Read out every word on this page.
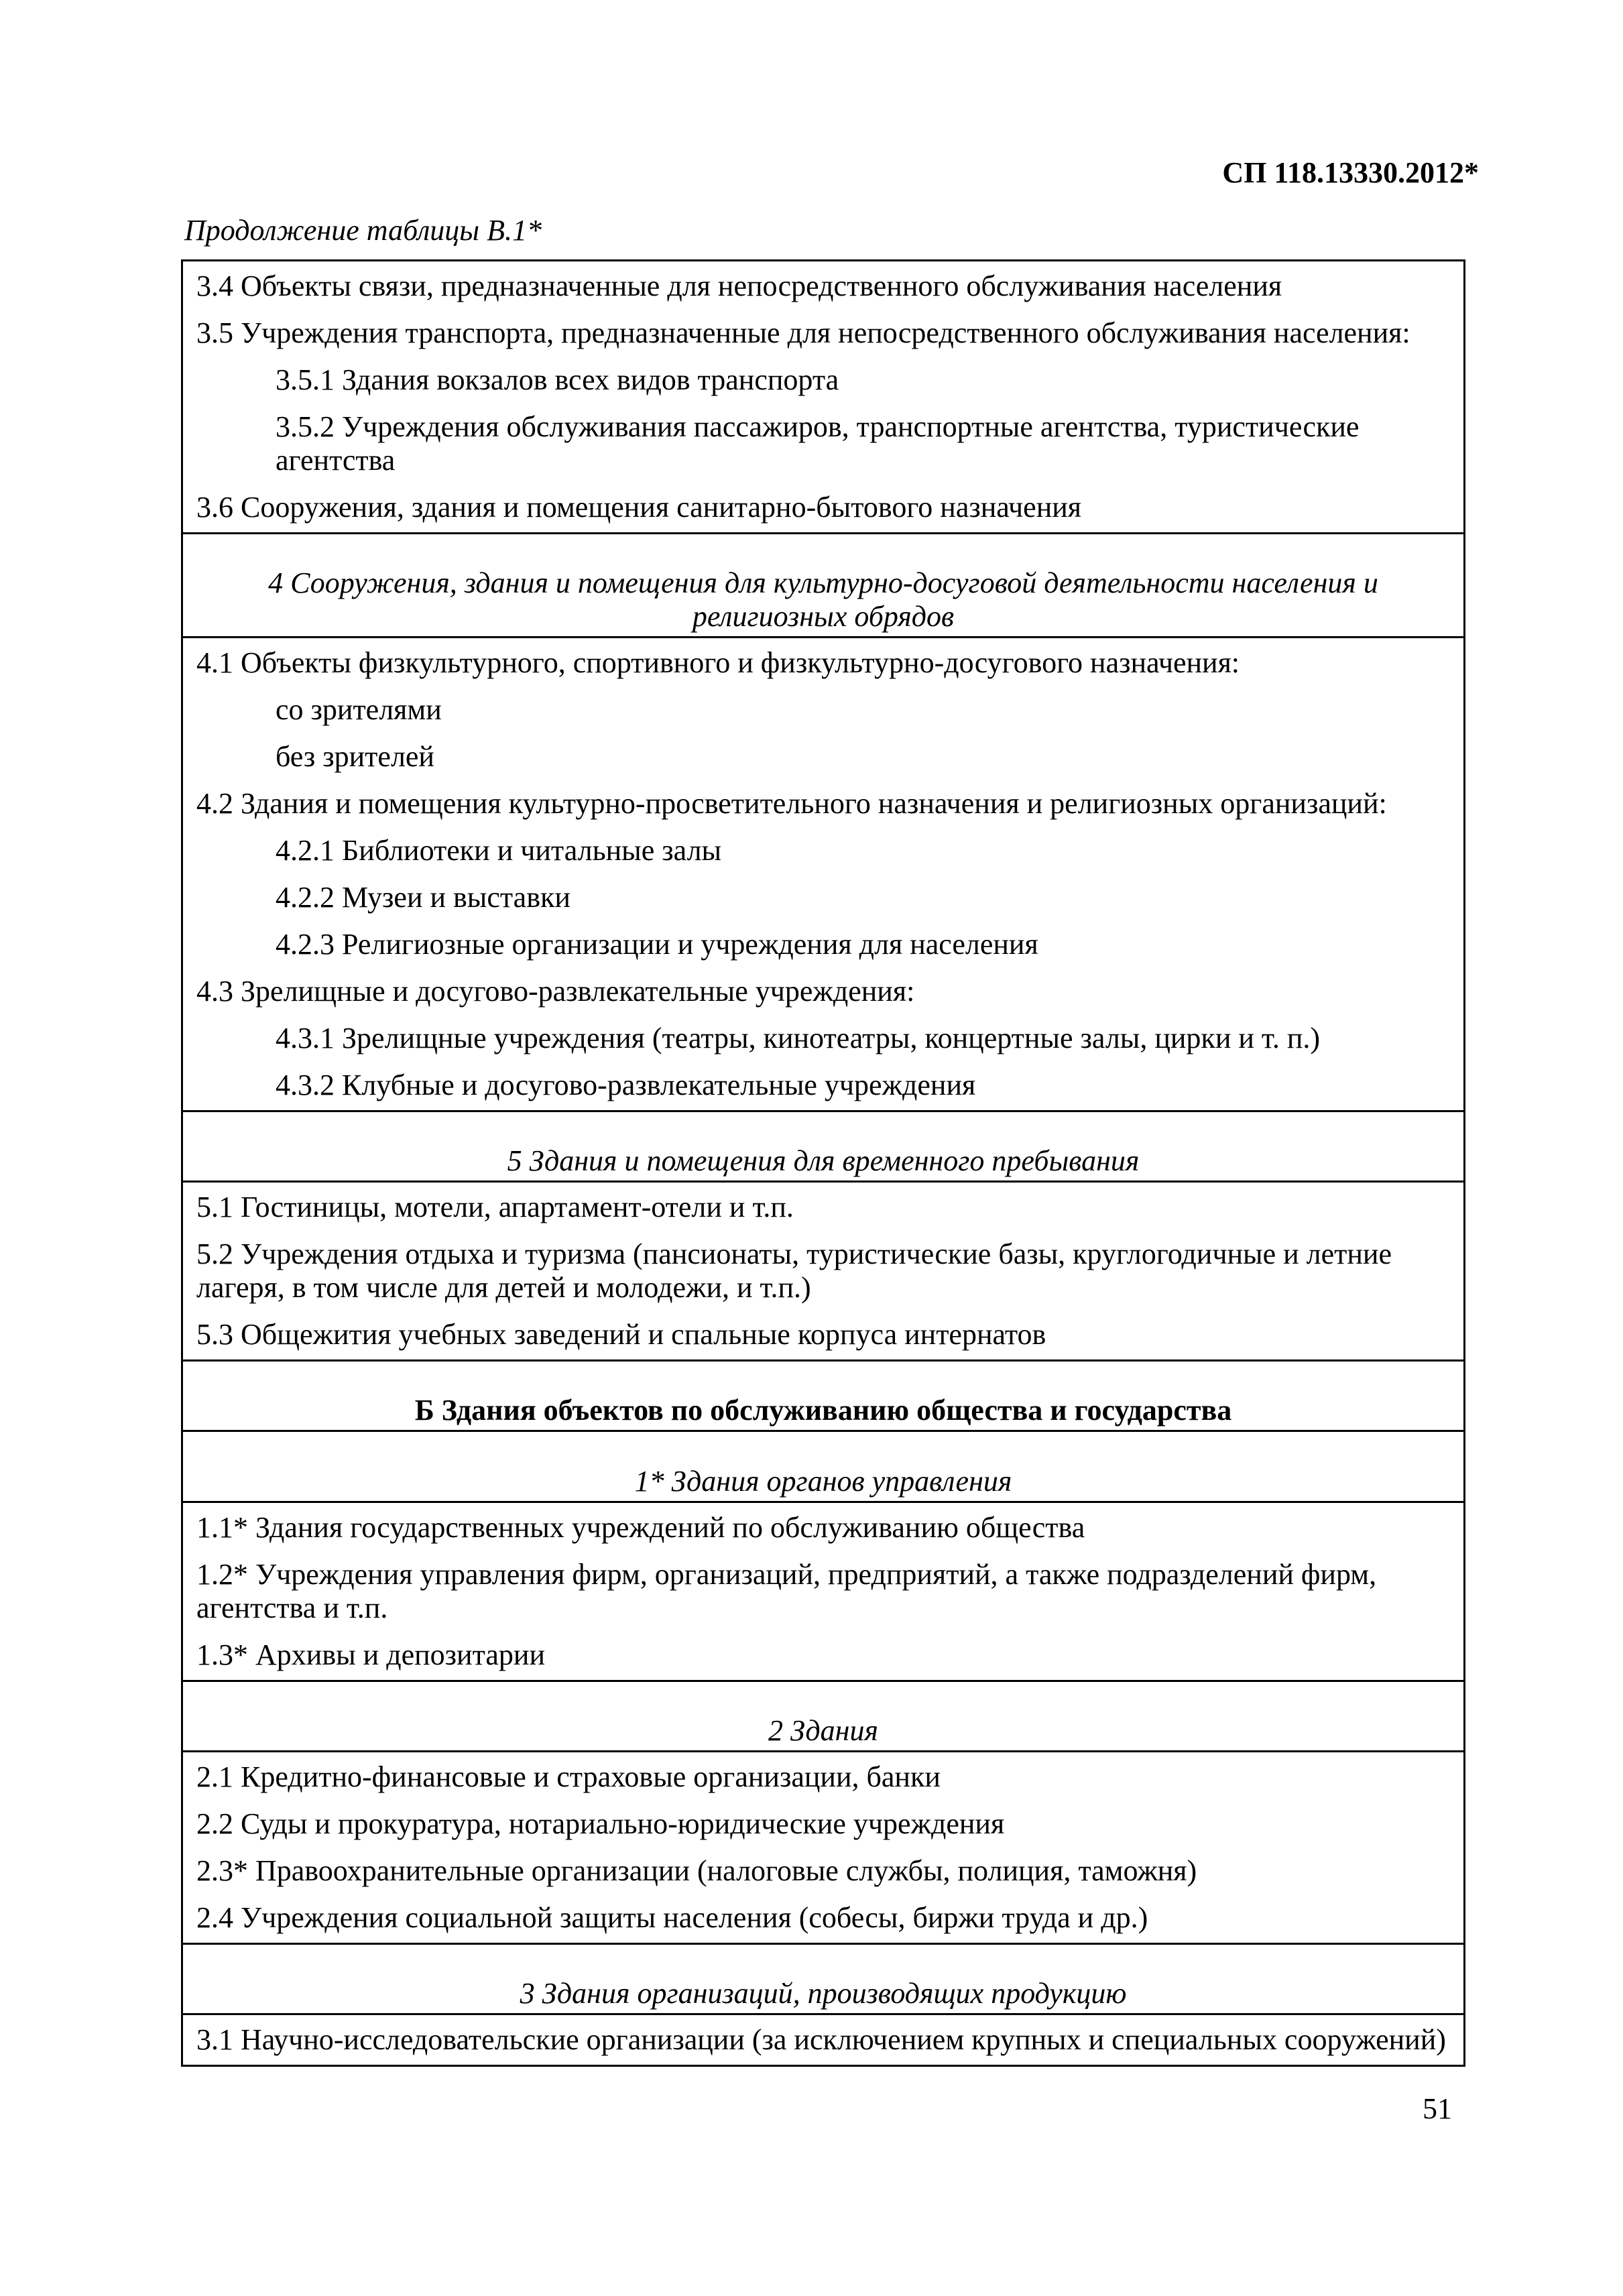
СП 118.13330.2012*
Продолжение таблицы В.1*
3.4 Объекты связи, предназначенные для непосредственного обслуживания населения
3.5 Учреждения транспорта, предназначенные для непосредственного обслуживания населения:
3.5.1 Здания вокзалов всех видов транспорта
3.5.2 Учреждения обслуживания пассажиров, транспортные агентства, туристические агентства
3.6 Сооружения, здания и помещения санитарно-бытового назначения
4 Сооружения, здания и помещения для культурно-досуговой деятельности населения и религиозных обрядов
4.1 Объекты физкультурного, спортивного и физкультурно-досугового назначения:
со зрителями
без зрителей
4.2 Здания и помещения культурно-просветительного назначения и религиозных организаций:
4.2.1 Библиотеки и читальные залы
4.2.2 Музеи и выставки
4.2.3 Религиозные организации и учреждения для населения
4.3 Зрелищные и досугово-развлекательные учреждения:
4.3.1 Зрелищные учреждения (театры, кинотеатры, концертные залы, цирки и т. п.)
4.3.2 Клубные и досугово-развлекательные учреждения
5 Здания и помещения для временного пребывания
5.1 Гостиницы, мотели, апартамент-отели и т.п.
5.2 Учреждения отдыха и туризма (пансионаты, туристические базы, круглогодичные и летние лагеря, в том числе для детей и молодежи, и т.п.)
5.3 Общежития учебных заведений и спальные корпуса интернатов
Б Здания объектов по обслуживанию общества и государства
1* Здания органов управления
1.1* Здания государственных учреждений по обслуживанию общества
1.2* Учреждения управления фирм, организаций, предприятий, а также подразделений фирм, агентства и т.п.
1.3* Архивы и депозитарии
2 Здания
2.1 Кредитно-финансовые и страховые организации, банки
2.2 Суды и прокуратура, нотариально-юридические учреждения
2.3* Правоохранительные организации (налоговые службы, полиция, таможня)
2.4 Учреждения социальной защиты населения (собесы, биржи труда и др.)
3 Здания организаций, производящих продукцию
3.1 Научно-исследовательские организации (за исключением крупных и специальных сооружений)
51
